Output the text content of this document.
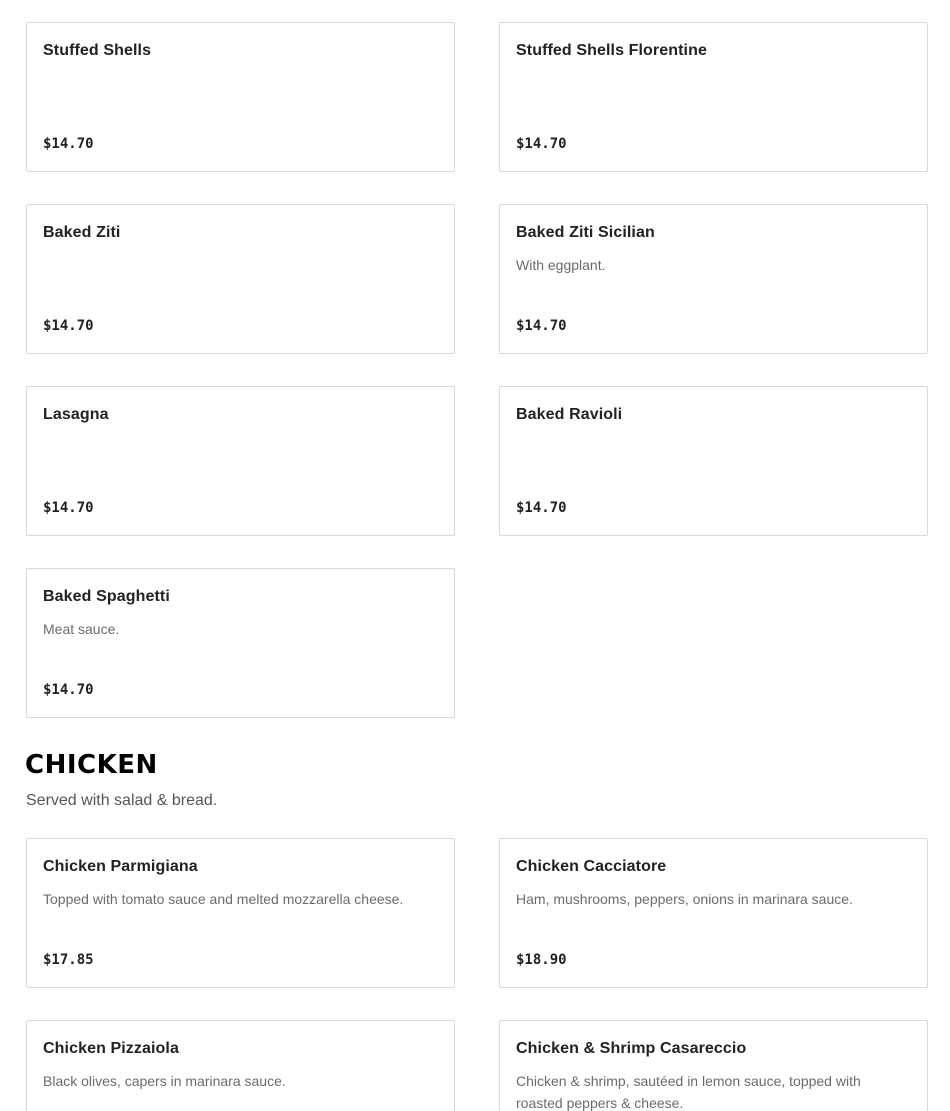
Stuffed Shells
$14.70
Stuffed Shells Florentine
$14.70
Baked Ziti
$14.70
Baked Ziti Sicilian
With eggplant.
$14.70
Lasagna
$14.70
Baked Ravioli
$14.70
Baked Spaghetti
Meat sauce.
$14.70
CHICKEN
Served with salad & bread.
Chicken Parmigiana
Topped with tomato sauce and melted mozzarella cheese.
$17.85
Chicken Cacciatore
Ham, mushrooms, peppers, onions in marinara sauce.
$18.90
Chicken Pizzaiola
Black olives, capers in marinara sauce.
Chicken & Shrimp Casareccio
Chicken & shrimp, sautéed in lemon sauce, topped with roasted peppers & cheese.
